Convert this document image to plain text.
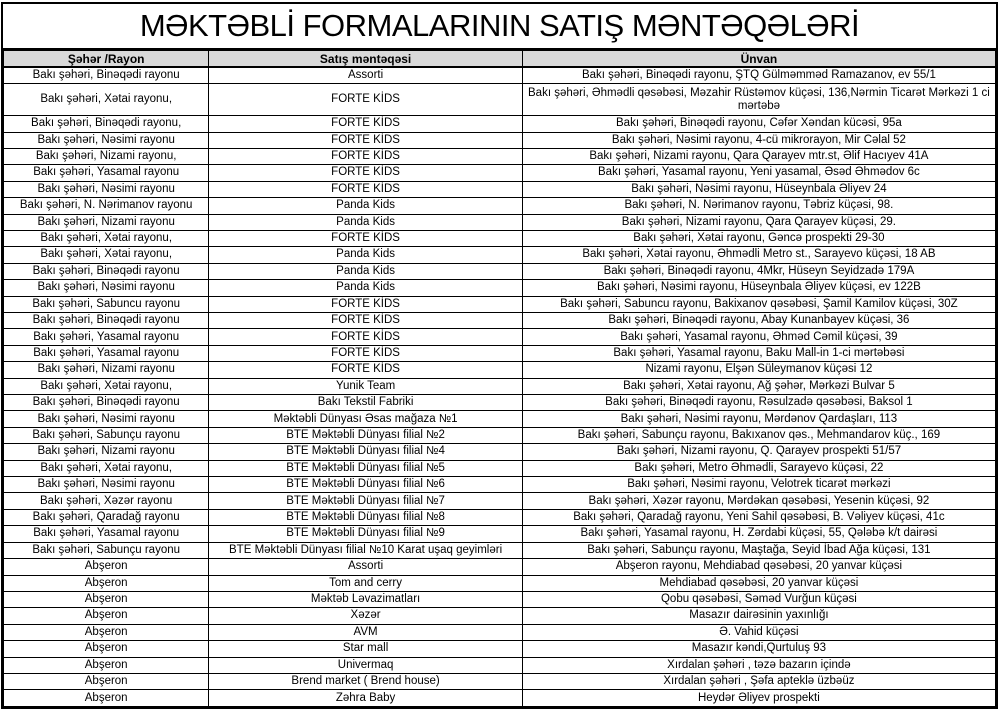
MƏKTƏBLİ FORMALARININ SATIŞ MƏNTƏQƏLƏRİ
Şəhər /Rayon	Satış məntəqəsi	Ünvan
Bakı şəhəri, Binəqədi rayonu	Assorti	Bakı şəhəri, Binəqədi rayonu, ŞTQ Gülməmməd Ramazanov, ev 55/1
Bakı şəhəri, Xətai rayonu,	FORTE KİDS	Bakı şəhəri, Əhmədli qəsəbəsi, Məzahir Rüstəmov küçəsi, 136,Nərmin Ticarət Mərkəzi 1 ci mərtəbə
Bakı şəhəri, Binəqədi rayonu,	FORTE KİDS	Bakı şəhəri, Binəqədi rayonu, Cəfər Xəndan kücəsi, 95a
Bakı şəhəri, Nəsimi rayonu	FORTE KİDS	Bakı şəhəri, Nəsimi rayonu, 4-cü mikrorayon, Mir Cəlal 52
Bakı şəhəri, Nizami rayonu,	FORTE KİDS	Bakı şəhəri, Nizami rayonu, Qara Qarayev mtr.st, Əlif Hacıyev 41A
Bakı şəhəri, Yasamal rayonu	FORTE KİDS	Bakı şəhəri, Yasamal rayonu, Yeni yasamal, Əsəd Əhmədov 6c
Bakı şəhəri, Nəsimi rayonu	FORTE KİDS	Bakı şəhəri, Nəsimi rayonu, Hüseynbala Əliyev 24
Bakı şəhəri, N. Nərimanov rayonu	Panda Kids	Bakı şəhəri, N. Nərimanov rayonu, Təbriz küçəsi, 98.
Bakı şəhəri, Nizami rayonu	Panda Kids	Bakı şəhəri, Nizami rayonu, Qara Qarayev küçəsi, 29.
Bakı şəhəri, Xətai rayonu,	FORTE KİDS	Bakı şəhəri, Xətai rayonu, Gəncə prospekti 29-30
Bakı şəhəri, Xətai rayonu,	Panda Kids	Bakı şəhəri, Xətai rayonu, Əhmədli Metro st., Sarayevo küçəsi, 18 AB
Bakı şəhəri, Binəqədi rayonu	Panda Kids	Bakı şəhəri, Binəqədi rayonu, 4Mkr, Hüseyn Seyidzadə 179A
Bakı şəhəri, Nəsimi rayonu	Panda Kids	Bakı şəhəri, Nəsimi rayonu, Hüseynbala Əliyev küçəsi, ev 122B
Bakı şəhəri, Sabuncu rayonu	FORTE KİDS	Bakı şəhəri, Sabuncu rayonu, Bakixanov qəsəbəsi, Şamil Kamilov küçəsi, 30Z
Bakı şəhəri, Binəqədi rayonu	FORTE KİDS	Bakı şəhəri, Binəqədi rayonu, Abay Kunanbayev küçəsi, 36
Bakı şəhəri, Yasamal rayonu	FORTE KİDS	Bakı şəhəri, Yasamal rayonu, Əhməd Cəmil küçəsi, 39
Bakı şəhəri, Yasamal rayonu	FORTE KİDS	Bakı şəhəri, Yasamal rayonu, Baku Mall-in 1-ci mərtəbəsi
Bakı şəhəri, Nizami rayonu	FORTE KİDS	Nizami rayonu, Elşən Süleymanov küçəsi 12
Bakı şəhəri, Xətai rayonu,	Yunik Team	Bakı şəhəri, Xətai rayonu, Ağ şəhər, Mərkəzi Bulvar 5
Bakı şəhəri, Binəqədi rayonu	Bakı Tekstil Fabriki	Bakı şəhəri, Binəqədi rayonu, Rəsulzadə qəsəbəsi, Baksol 1
Bakı şəhəri, Nəsimi rayonu	Məktəbli Dünyası Əsas mağaza №1	Bakı şəhəri, Nəsimi rayonu, Mərdənov Qardaşları, 113
Bakı şəhəri, Sabunçu rayonu	BTE Məktəbli Dünyası filial №2	Bakı şəhəri, Sabunçu rayonu, Bakıxanov qəs., Mehmandarov küç., 169
Bakı şəhəri, Nizami rayonu	BTE Məktəbli Dünyası filial №4	Bakı şəhəri, Nizami rayonu, Q. Qarayev prospekti 51/57
Bakı şəhəri, Xətai rayonu,	BTE Məktəbli Dünyası filial №5	Bakı şəhəri, Metro Əhmədli, Sarayevo küçəsi, 22
Bakı şəhəri, Nəsimi rayonu	BTE Məktəbli Dünyası filial №6	Bakı şəhəri, Nəsimi rayonu, Velotrek ticarət mərkəzi
Bakı şəhəri, Xəzər rayonu	BTE Məktəbli Dünyası filial №7	Bakı şəhəri, Xəzər rayonu, Mərdəkan qəsəbəsi, Yesenin küçəsi, 92
Bakı şəhəri, Qaradağ rayonu	BTE Məktəbli Dünyası filial №8	Bakı şəhəri, Qaradağ rayonu, Yeni Sahil qəsəbəsi, B. Vəliyev küçəsi, 41c
Bakı şəhəri, Yasamal rayonu	BTE Məktəbli Dünyası filial №9	Bakı şəhəri, Yasamal rayonu, H. Zərdabi küçəsi, 55, Qələbə k/t dairəsi
Bakı şəhəri, Sabunçu rayonu	BTE Məktəbli Dünyası filial №10 Karat uşaq geyimləri	Bakı şəhəri, Sabunçu rayonu, Maştağa, Seyid İbad Ağa küçəsi, 131
Abşeron	Assorti	Abşeron rayonu, Mehdiabad qəsəbəsi, 20 yanvar küçəsi
Abşeron	Tom and cerry	Mehdiabad qəsəbəsi, 20 yanvar küçəsi
Abşeron	Məktəb Ləvazimatları	Qobu qəsəbəsi, Səməd Vurğun küçəsi
Abşeron	Xəzər	Masazır dairəsinin yaxınlığı
Abşeron	AVM	Ə. Vahid küçəsi
Abşeron	Star mall	Masazır kəndi,Qurtuluş 93
Abşeron	Univermaq	Xırdalan şəhəri , təzə bazarın içində
Abşeron	Brend market ( Brend house)	Xırdalan şəhəri , Şəfa apteklə üzbəüz
Abşeron	Zəhra Baby	Heydər Əliyev prospekti
